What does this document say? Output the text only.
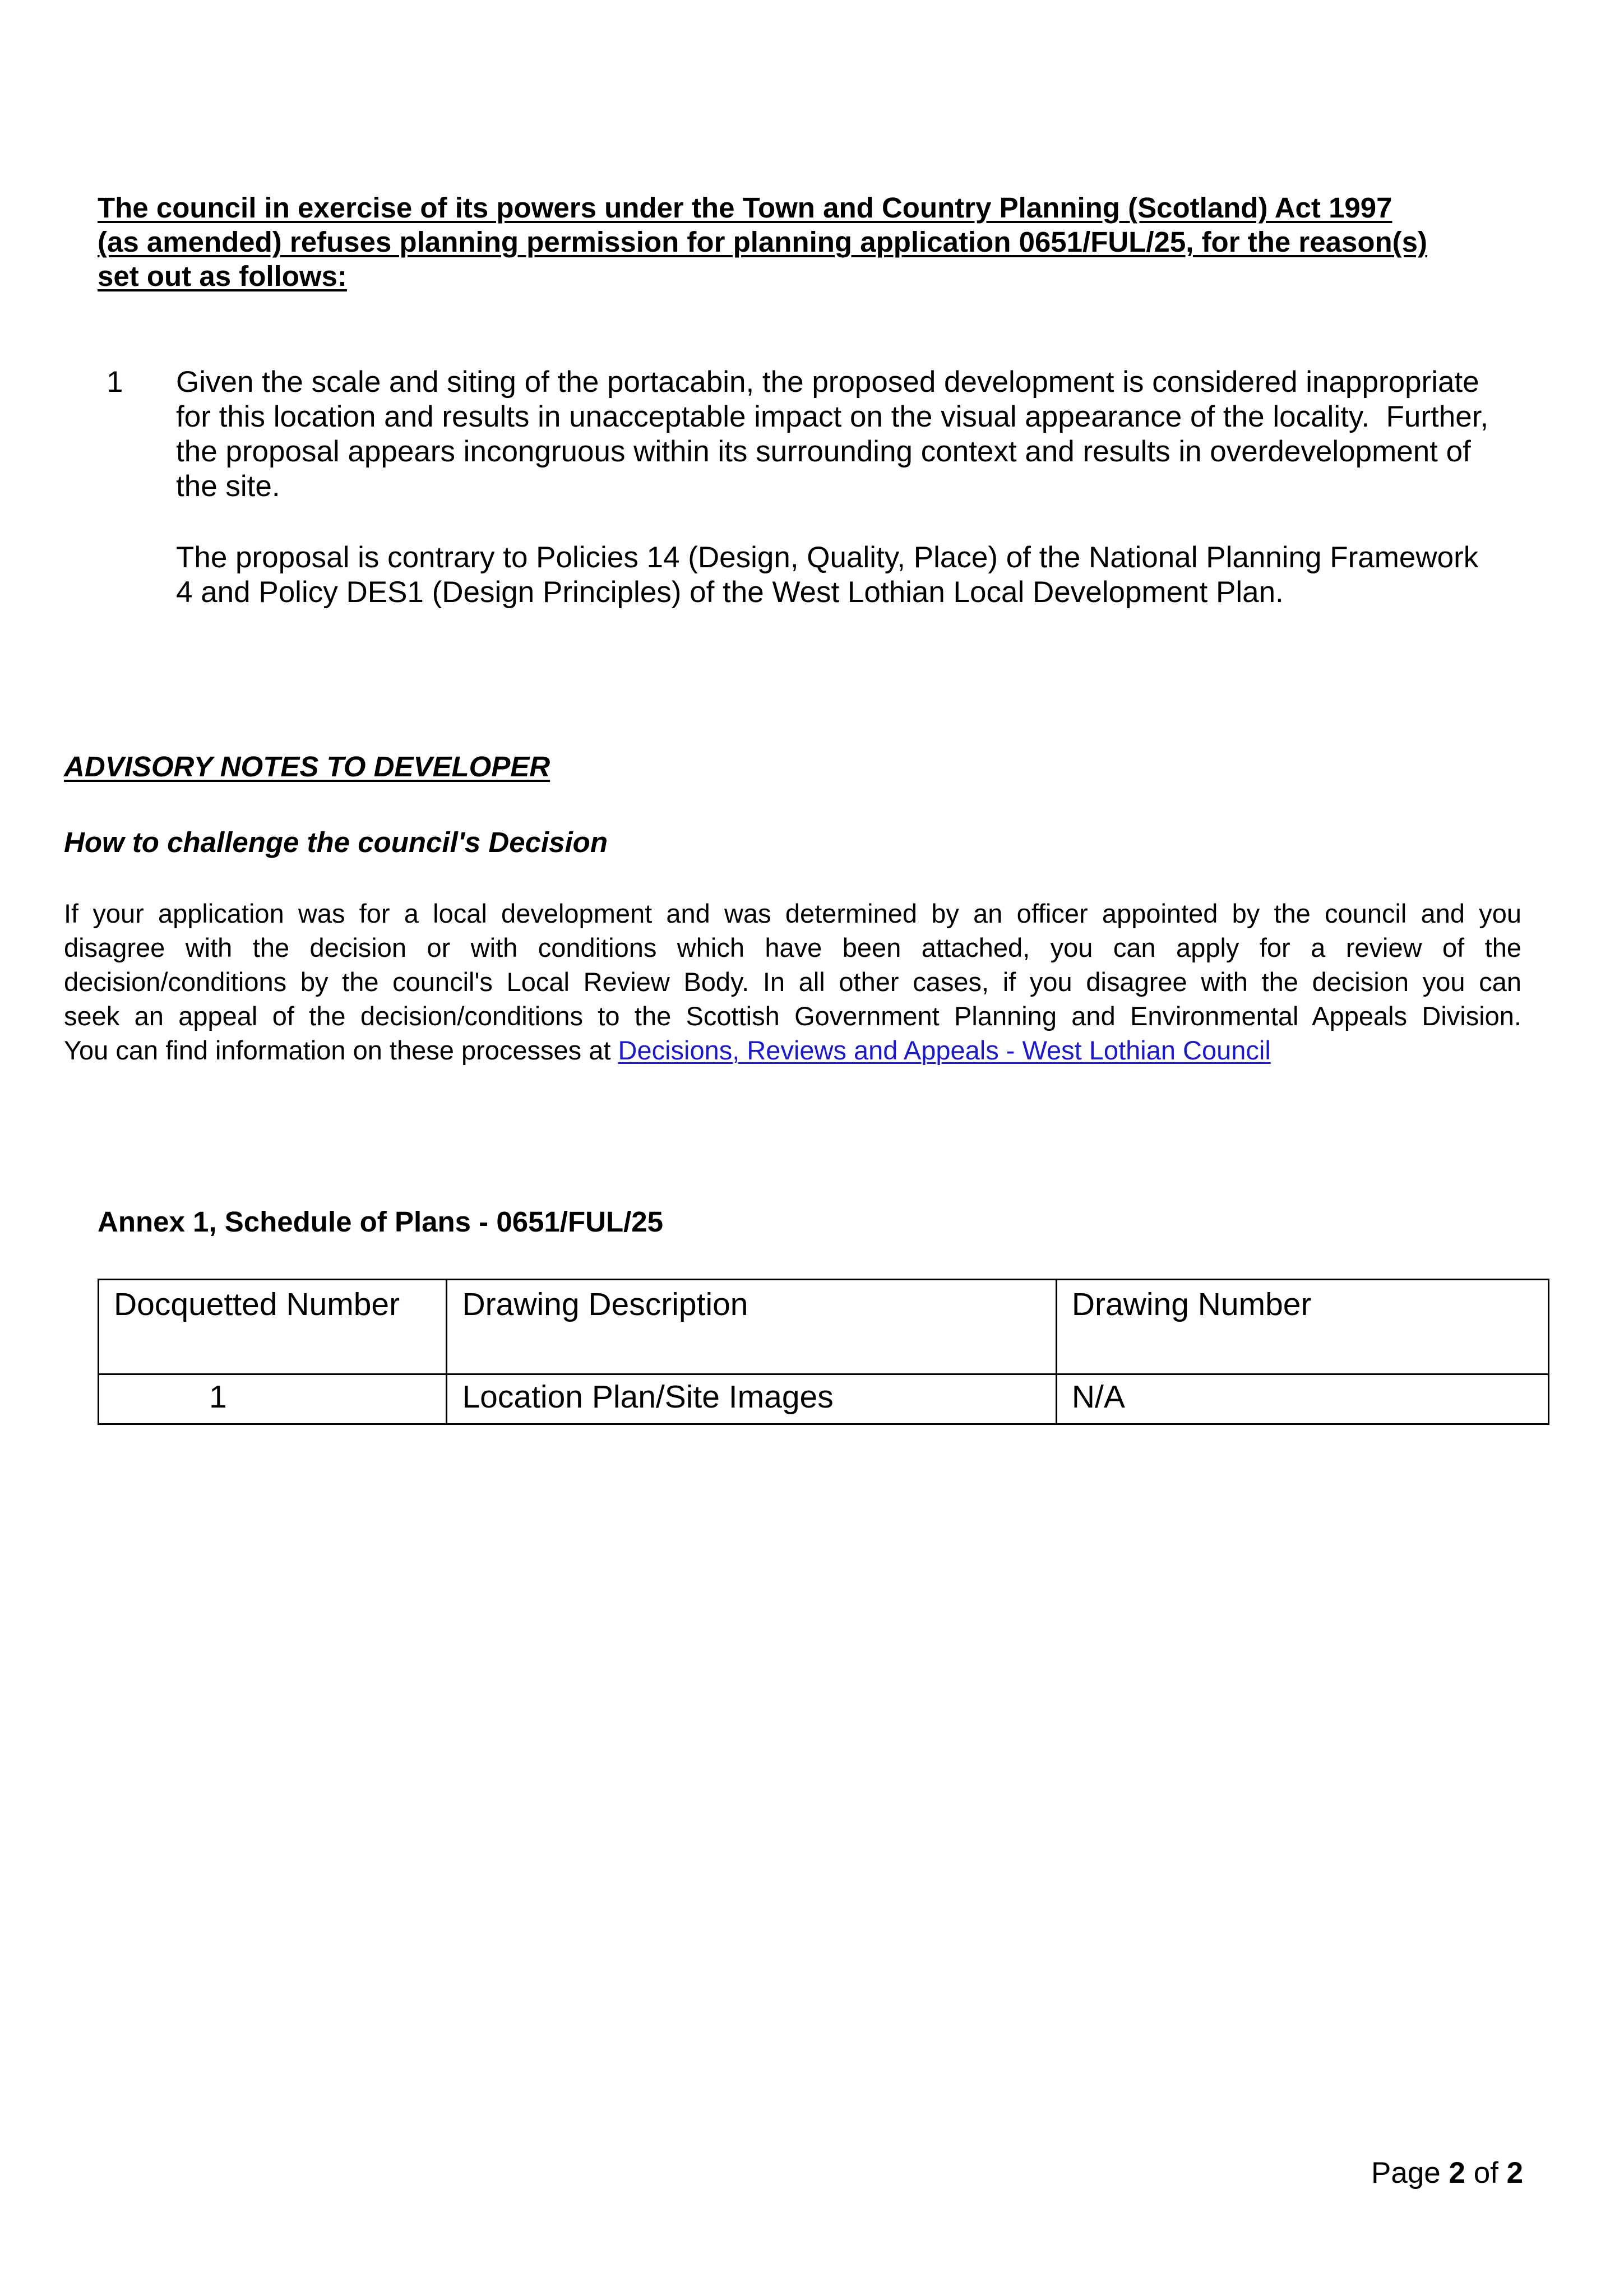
The council in exercise of its powers under the Town and Country Planning (Scotland) Act 1997
(as amended) refuses planning permission for planning application 0651/FUL/25, for the reason(s)
set out as follows:
1 Given the scale and siting of the portacabin, the proposed development is considered inappropriate
for this location and results in unacceptable impact on the visual appearance of the locality.  Further,
the proposal appears incongruous within its surrounding context and results in overdevelopment of
the site.
The proposal is contrary to Policies 14 (Design, Quality, Place) of the National Planning Framework
4 and Policy DES1 (Design Principles) of the West Lothian Local Development Plan.
ADVISORY NOTES TO DEVELOPER
How to challenge the council's Decision
If your application was for a local development and was determined by an officer appointed by the council and you
disagree with the decision or with conditions which have been attached, you can apply for a review of the
decision/conditions by the council's Local Review Body. In all other cases, if you disagree with the decision you can
seek an appeal of the decision/conditions to the Scottish Government Planning and Environmental Appeals Division.
You can find information on these processes at Decisions, Reviews and Appeals - West Lothian Council
Annex 1, Schedule of Plans - 0651/FUL/25
Docquetted Number	Drawing Description	Drawing Number
1	Location Plan/Site Images	N/A
Page 2 of 2
